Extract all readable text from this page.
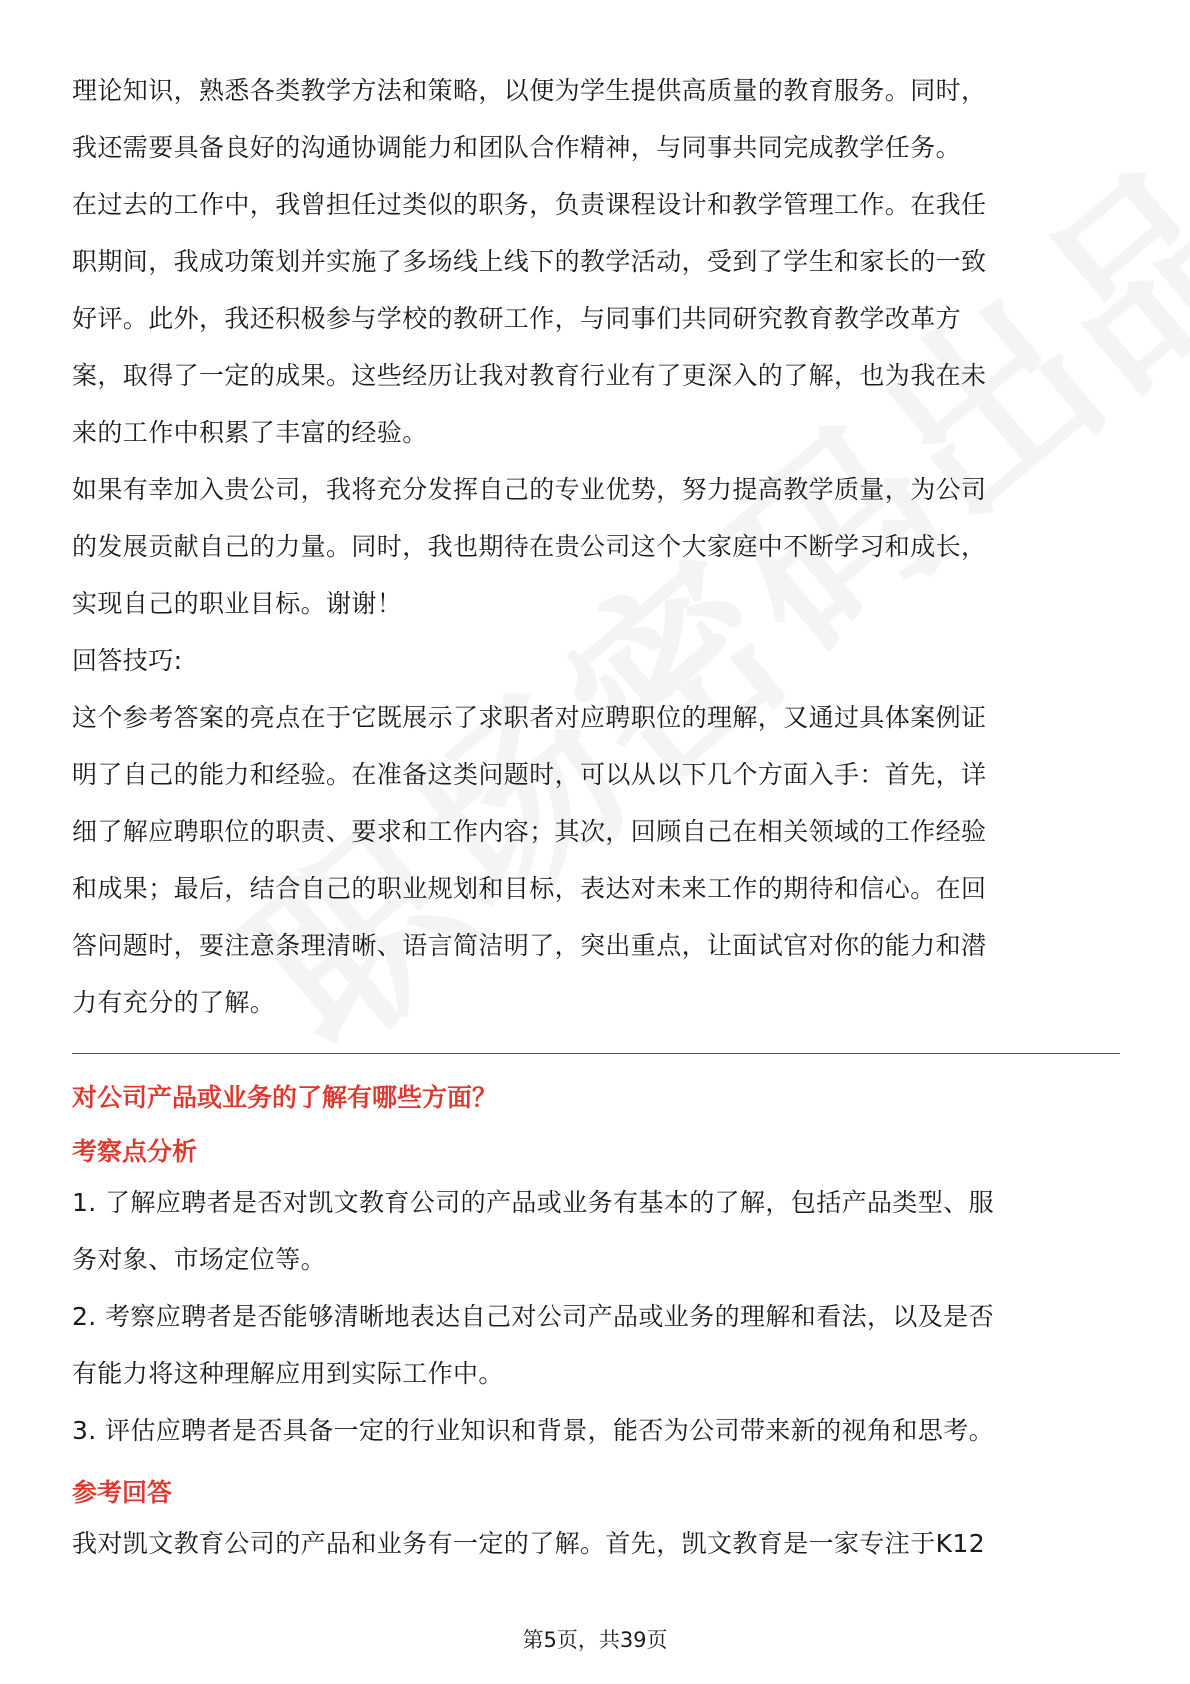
理论知识，熟悉各类教学方法和策略，以便为学生提供高质量的教育服务。同时，

我还需要具备良好的沟通协调能力和团队合作精神，与同事共同完成教学任务。

在过去的工作中，我曾担任过类似的职务，负责课程设计和教学管理工作。在我任

职期间，我成功策划并实施了多场线上线下的教学活动，受到了学生和家长的一致

好评。此外，我还积极参与学校的教研工作，与同事们共同研究教育教学改革方

案，取得了一定的成果。这些经历让我对教育行业有了更深入的了解，也为我在未

来的工作中积累了丰富的经验。

如果有幸加入贵公司，我将充分发挥自己的专业优势，努力提高教学质量，为公司

的发展贡献自己的力量。同时，我也期待在贵公司这个大家庭中不断学习和成长，

实现自己的职业目标。谢谢！

回答技巧:

这个参考答案的亮点在于它既展示了求职者对应聘职位的理解，又通过具体案例证

明了自己的能力和经验。在准备这类问题时，可以从以下几个方面入手：首先，详

细了解应聘职位的职责、要求和工作内容；其次，回顾自己在相关领域的工作经验

和成果；最后，结合自己的职业规划和目标，表达对未来工作的期待和信心。在回

答问题时，要注意条理清晰、语言简洁明了，突出重点，让面试官对你的能力和潜

力有充分的了解。

对公司产品或业务的了解有哪些方面？

考察点分析

1. 了解应聘者是否对凯文教育公司的产品或业务有基本的了解，包括产品类型、服

务对象、市场定位等。

2. 考察应聘者是否能够清晰地表达自己对公司产品或业务的理解和看法，以及是否

有能力将这种理解应用到实际工作中。

3. 评估应聘者是否具备一定的行业知识和背景，能否为公司带来新的视角和思考。

参考回答

我对凯文教育公司的产品和业务有一定的了解。首先，凯文教育是一家专注于K12

第5页，共39页
